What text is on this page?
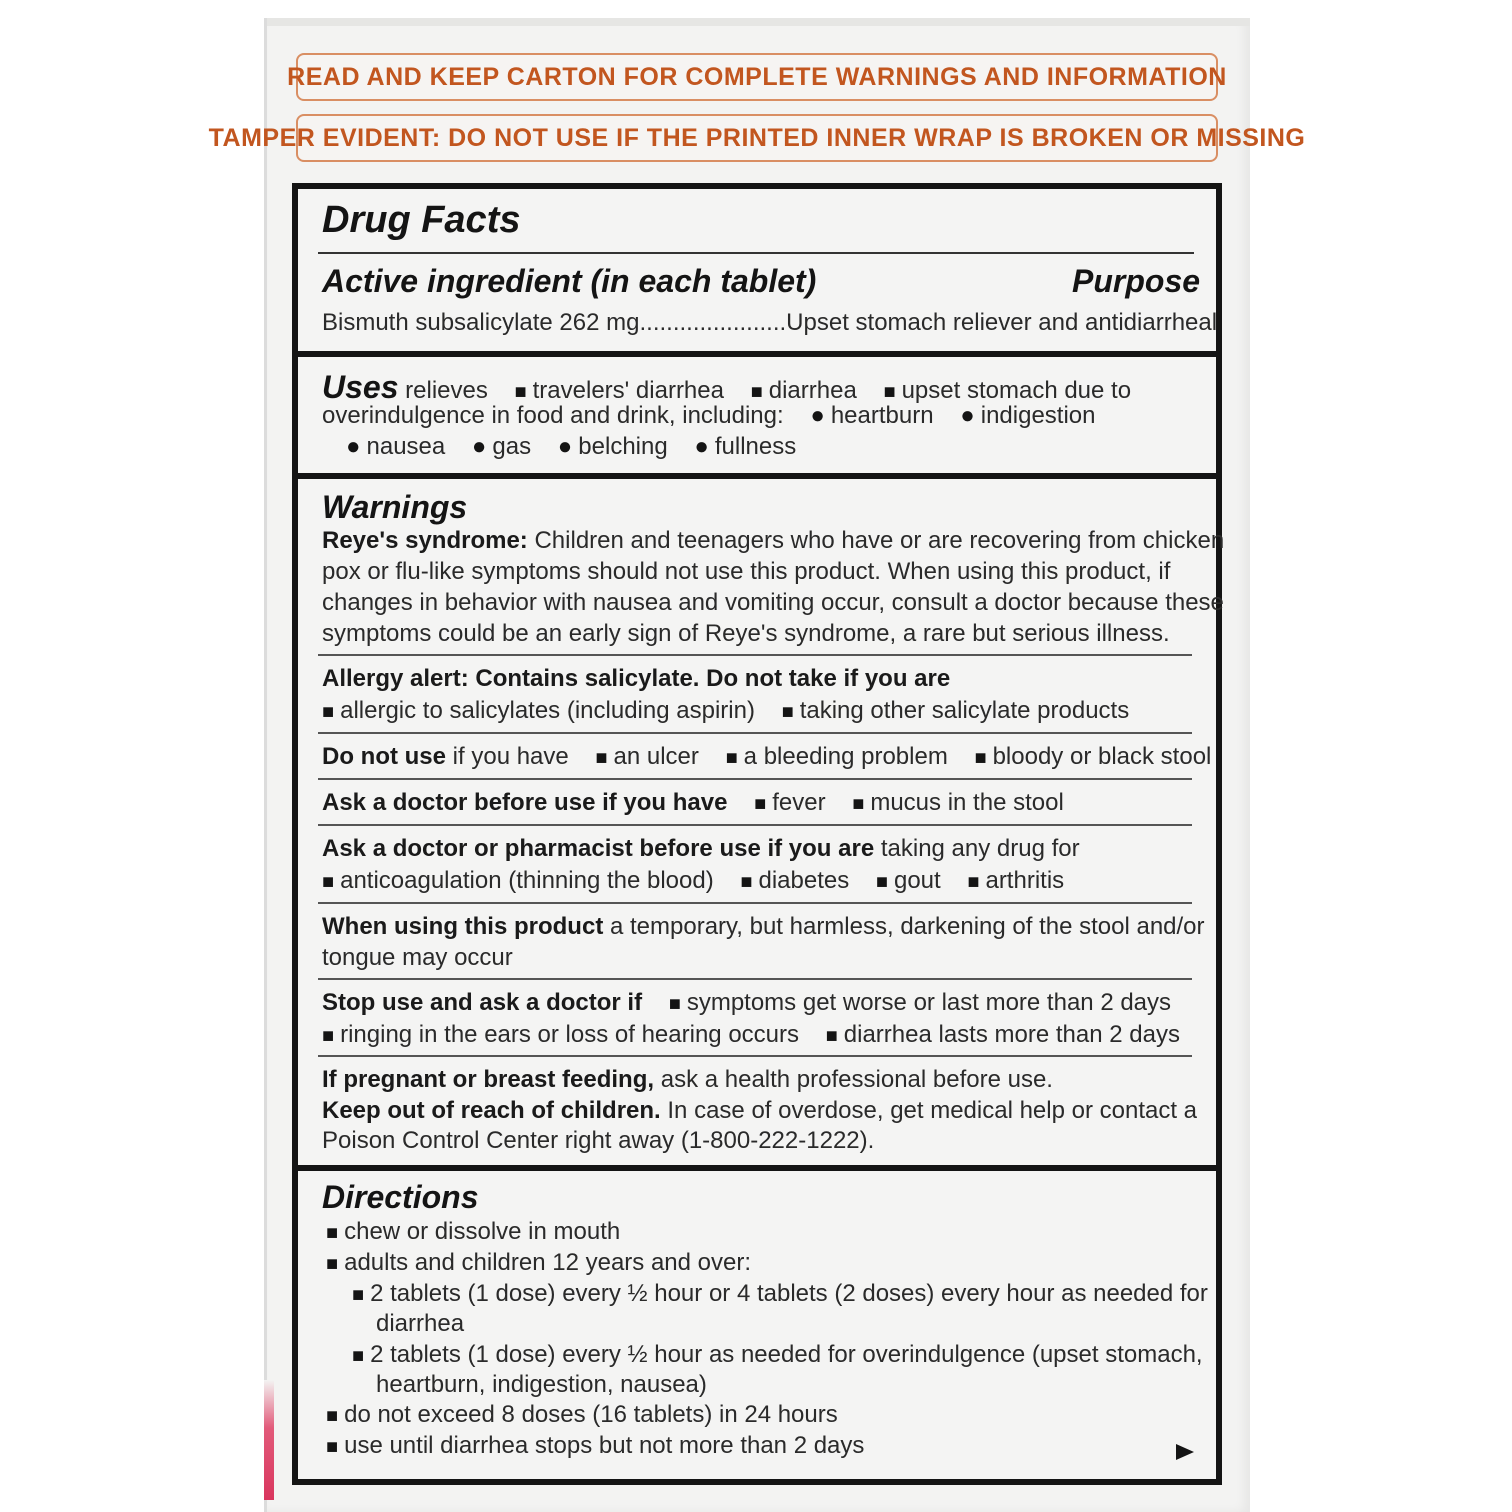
READ AND KEEP CARTON FOR COMPLETE WARNINGS AND INFORMATION
TAMPER EVIDENT: DO NOT USE IF THE PRINTED INNER WRAP IS BROKEN OR MISSING
Drug Facts
Active ingredient (in each tablet)	Purpose
Bismuth subsalicylate 262 mg......................Upset stomach reliever and antidiarrheal
Uses relieves ■ travelers' diarrhea ■ diarrhea ■ upset stomach due to
overindulgence in food and drink, including: ● heartburn ● indigestion
● nausea ● gas ● belching ● fullness
Warnings
Reye's syndrome: Children and teenagers who have or are recovering from chicken
pox or flu-like symptoms should not use this product. When using this product, if
changes in behavior with nausea and vomiting occur, consult a doctor because these
symptoms could be an early sign of Reye's syndrome, a rare but serious illness.
Allergy alert: Contains salicylate. Do not take if you are
■ allergic to salicylates (including aspirin) ■ taking other salicylate products
Do not use if you have ■ an ulcer ■ a bleeding problem ■ bloody or black stool
Ask a doctor before use if you have ■ fever ■ mucus in the stool
Ask a doctor or pharmacist before use if you are taking any drug for
■ anticoagulation (thinning the blood) ■ diabetes ■ gout ■ arthritis
When using this product a temporary, but harmless, darkening of the stool and/or
tongue may occur
Stop use and ask a doctor if ■ symptoms get worse or last more than 2 days
■ ringing in the ears or loss of hearing occurs ■ diarrhea lasts more than 2 days
If pregnant or breast feeding, ask a health professional before use.
Keep out of reach of children. In case of overdose, get medical help or contact a
Poison Control Center right away (1-800-222-1222).
Directions
■ chew or dissolve in mouth
■ adults and children 12 years and over:
■ 2 tablets (1 dose) every ½ hour or 4 tablets (2 doses) every hour as needed for
diarrhea
■ 2 tablets (1 dose) every ½ hour as needed for overindulgence (upset stomach,
heartburn, indigestion, nausea)
■ do not exceed 8 doses (16 tablets) in 24 hours
■ use until diarrhea stops but not more than 2 days
